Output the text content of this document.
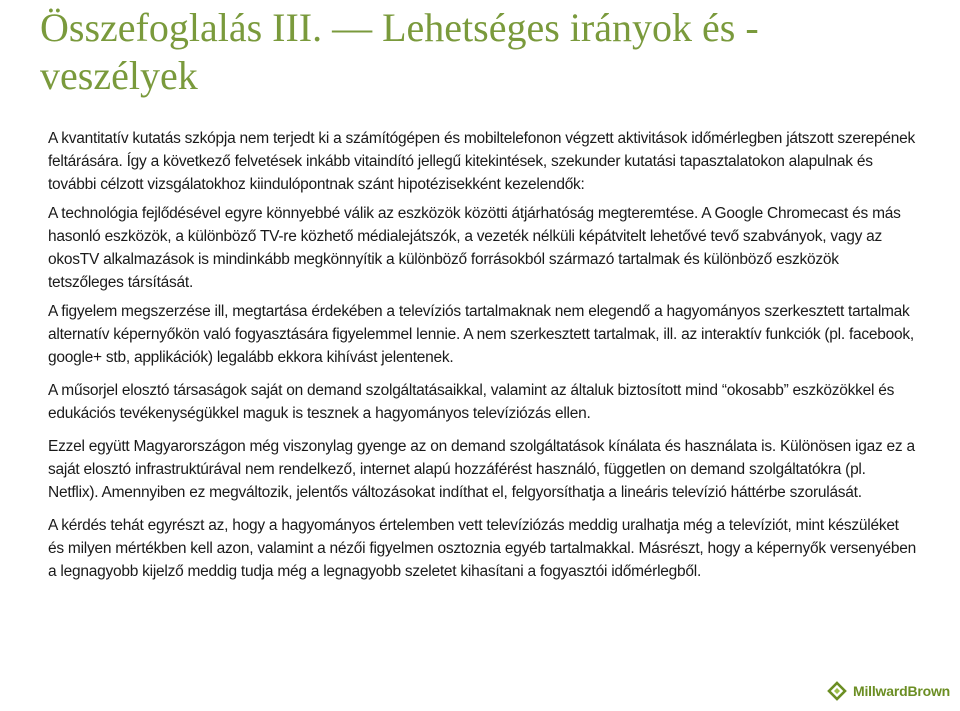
Összefoglalás III. — Lehetséges irányok és - veszélyek

A kvantitatív kutatás szkópja nem terjedt ki a számítógépen és mobiltelefonon végzett aktivitások időmérlegben játszott szerepének feltárására. Így a következő felvetések inkább vitaindító jellegű kitekintések, szekunder kutatási tapasztalatokon alapulnak és további célzott vizsgálatokhoz kiindulópontnak szánt hipotézisekként kezelendők:

A technológia fejlődésével egyre könnyebbé válik az eszközök közötti átjárhatóság megteremtése. A Google Chromecast és más hasonló eszközök, a különböző TV-re közhető médialejátszók, a vezeték nélküli képátvitelt lehetővé tevő szabványok, vagy az okosTV alkalmazások is mindinkább megkönnyítik a különböző forrásokból származó tartalmak és különböző eszközök tetszőleges társítását.

A figyelem megszerzése ill, megtartása érdekében a televíziós tartalmaknak nem elegendő a hagyományos szerkesztett tartalmak alternatív képernyőkön való fogyasztására figyelemmel lennie. A nem szerkesztett tartalmak, ill. az interaktív funkciók (pl. facebook, google+ stb, applikációk) legalább ekkora kihívást jelentenek.

A műsorjel elosztó társaságok saját on demand szolgáltatásaikkal, valamint az általuk biztosított mind “okosabb” eszközökkel és edukációs tevékenységükkel maguk is tesznek a hagyományos televíziózás ellen.

Ezzel együtt Magyarországon még viszonylag gyenge az on demand szolgáltatások kínálata és használata is. Különösen igaz ez a saját elosztó infrastruktúrával nem rendelkező, internet alapú hozzáférést használó, független on demand szolgáltatókra (pl. Netflix). Amennyiben ez megváltozik, jelentős változásokat indíthat el, felgyorsíthatja a lineáris televízió háttérbe szorulását.

A kérdés tehát egyrészt az, hogy a hagyományos értelemben vett televíziózás meddig uralhatja még a televíziót, mint készüléket és milyen mértékben kell azon, valamint a nézői figyelmen osztoznia egyéb tartalmakkal. Másrészt, hogy a képernyők versenyében a legnagyobb kijelző meddig tudja még a legnagyobb szeletet kihasítani a fogyasztói időmérlegből.

MillwardBrown
